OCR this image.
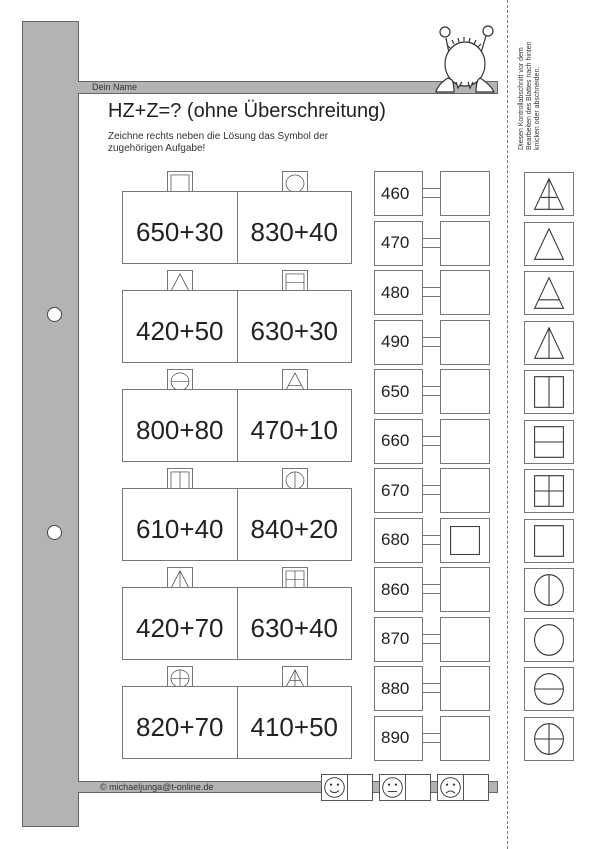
Dein Name
HZ+Z=? (ohne Überschreitung)
Zeichne rechts neben die Lösung das Symbol der zugehörigen Aufgabe!	Diesen Kontrollabschnitt vor dem Bearbeiten des Blattes nach hinten knicken oder abschneiden.
650+30	830+40
420+50	630+30
800+80	470+10
610+40	840+20
420+70	630+40
820+70	410+50
460
470
480
490
650
660
670
680
860
870
880
890
© michaeljunga@t-online.de
